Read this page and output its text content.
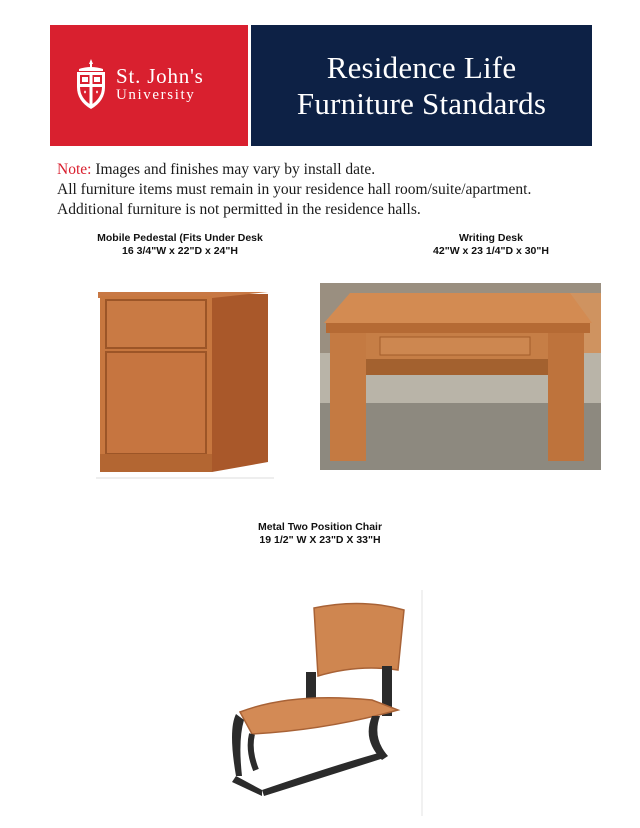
St. John's
University
Residence Life
Furniture Standards
Note: Images and finishes may vary by install date.
All furniture items must remain in your residence hall room/suite/apartment.
Additional furniture is not permitted in the residence halls.
Mobile Pedestal (Fits Under Desk
16 3/4"W x 22"D x 24"H
Writing Desk
42"W x 23 1/4"D x 30"H
Metal Two Position Chair
19 1/2" W X 23"D X 33"H
